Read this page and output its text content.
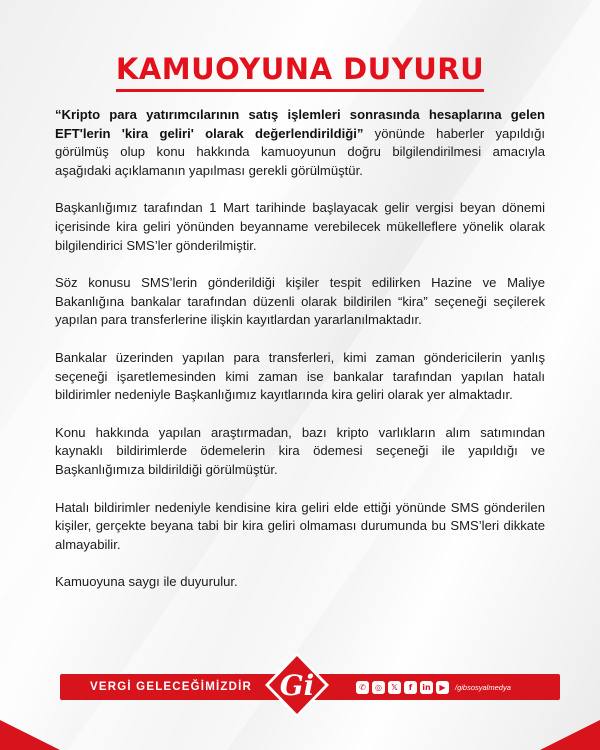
KAMUOYUNA DUYURU

“Kripto para yatırımcılarının satış işlemleri sonrasında hesaplarına gelen EFT'lerin 'kira geliri' olarak değerlendirildiği” yönünde haberler yapıldığı görülmüş olup konu hakkında kamuoyunun doğru bilgilendirilmesi amacıyla aşağıdaki açıklamanın yapılması gerekli görülmüştür.

Başkanlığımız tarafından 1 Mart tarihinde başlayacak gelir vergisi beyan dönemi içerisinde kira geliri yönünden beyanname verebilecek mükelleflere yönelik olarak bilgilendirici SMS’ler gönderilmiştir.

Söz konusu SMS’lerin gönderildiği kişiler tespit edilirken Hazine ve Maliye Bakanlığına bankalar tarafından düzenli olarak bildirilen “kira” seçeneği seçilerek yapılan para transferlerine ilişkin kayıtlardan yararlanılmaktadır.

Bankalar üzerinden yapılan para transferleri, kimi zaman göndericilerin yanlış seçeneği işaretlemesinden kimi zaman ise bankalar tarafından yapılan hatalı bildirimler nedeniyle Başkanlığımız kayıtlarında kira geliri olarak yer almaktadır.

Konu hakkında yapılan araştırmadan, bazı kripto varlıkların alım satımından kaynaklı bildirimlerde ödemelerin kira ödemesi seçeneği ile yapıldığı ve Başkanlığımıza bildirildiği görülmüştür.

Hatalı bildirimler nedeniyle kendisine kira geliri elde ettiği yönünde SMS gönderilen kişiler, gerçekte beyana tabi bir kira geliri olmaması durumunda bu SMS’leri dikkate almayabilir.

Kamuoyuna saygı ile duyurulur.

VERGİ GELECEĞİMİZDİR	✆	◎	𝕏	f	in	▶	/gibsosyalmedya
Gi
